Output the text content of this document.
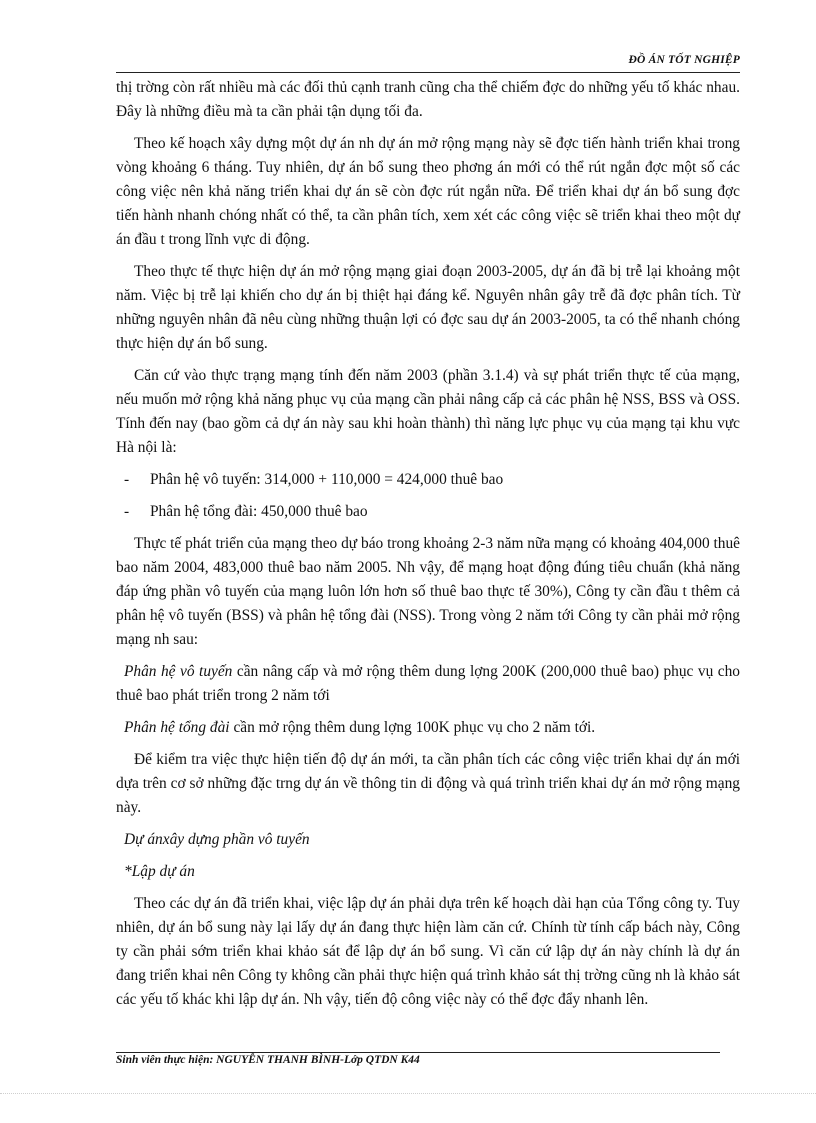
ĐỒ ÁN TỐT NGHIỆP

thị trờng còn rất nhiều mà các đối thủ cạnh tranh cũng cha thể chiếm đợc do những yếu tố khác nhau. Đây là những điều mà ta cần phải tận dụng tối đa.

Theo kế hoạch xây dựng một dự án nh dự án mở rộng mạng này sẽ đợc tiến hành triển khai trong vòng khoảng 6 tháng. Tuy nhiên, dự án bổ sung theo phơng án mới có thể rút ngắn đợc một số các công việc nên khả năng triển khai dự án sẽ còn đợc rút ngắn nữa. Để triển khai dự án bổ sung đợc tiến hành nhanh chóng nhất có thể, ta cần phân tích, xem xét các công việc sẽ triển khai theo một dự án đầu t trong lĩnh vực di động.

Theo thực tế thực hiện dự án mở rộng mạng giai đoạn 2003-2005, dự án đã bị trễ lại khoảng một năm. Việc bị trễ lại khiến cho dự án bị thiệt hại đáng kể. Nguyên nhân gây trễ đã đợc phân tích. Từ những nguyên nhân đã nêu cùng những thuận lợi có đợc sau dự án 2003-2005, ta có thể nhanh chóng thực hiện dự án bổ sung.

Căn cứ vào thực trạng mạng tính đến năm 2003 (phần 3.1.4) và sự phát triển thực tế của mạng, nếu muốn mở rộng khả năng phục vụ của mạng cần phải nâng cấp cả các phân hệ NSS, BSS và OSS. Tính đến nay (bao gồm cả dự án này sau khi hoàn thành) thì năng lực phục vụ của mạng tại khu vực Hà nội là:

- Phân hệ vô tuyến: 314,000 + 110,000 = 424,000 thuê bao
- Phân hệ tổng đài: 450,000 thuê bao

Thực tế phát triển của mạng theo dự báo trong khoảng 2-3 năm nữa mạng có khoảng 404,000 thuê bao năm 2004, 483,000 thuê bao năm 2005. Nh vậy, để mạng hoạt động đúng tiêu chuẩn (khả năng đáp ứng phần vô tuyến của mạng luôn lớn hơn số thuê bao thực tế 30%), Công ty cần đầu t thêm cả phân hệ vô tuyến (BSS) và phân hệ tổng đài (NSS). Trong vòng 2 năm tới Công ty cần phải mở rộng mạng nh sau:

Phân hệ vô tuyến cần nâng cấp và mở rộng thêm dung lợng 200K (200,000 thuê bao) phục vụ cho thuê bao phát triển trong 2 năm tới

Phân hệ tổng đài cần mở rộng thêm dung lợng 100K phục vụ cho 2 năm tới.

Để kiểm tra việc thực hiện tiến độ dự án mới, ta cần phân tích các công việc triển khai dự án mới dựa trên cơ sở những đặc trng dự án về thông tin di động và quá trình triển khai dự án mở rộng mạng này.

Dự ánxây dựng phần vô tuyến
*Lập dự án

Theo các dự án đã triển khai, việc lập dự án phải dựa trên kế hoạch dài hạn của Tổng công ty. Tuy nhiên, dự án bổ sung này lại lấy dự án đang thực hiện làm căn cứ. Chính từ tính cấp bách này, Công ty cần phải sớm triển khai khảo sát để lập dự án bổ sung. Vì căn cứ lập dự án này chính là dự án đang triển khai nên Công ty không cần phải thực hiện quá trình khảo sát thị trờng cũng nh là khảo sát các yếu tố khác khi lập dự án. Nh vậy, tiến độ công việc này có thể đợc đẩy nhanh lên.

Sinh viên thực hiện: NGUYỄN THANH BÌNH-Lớp QTDN K44
